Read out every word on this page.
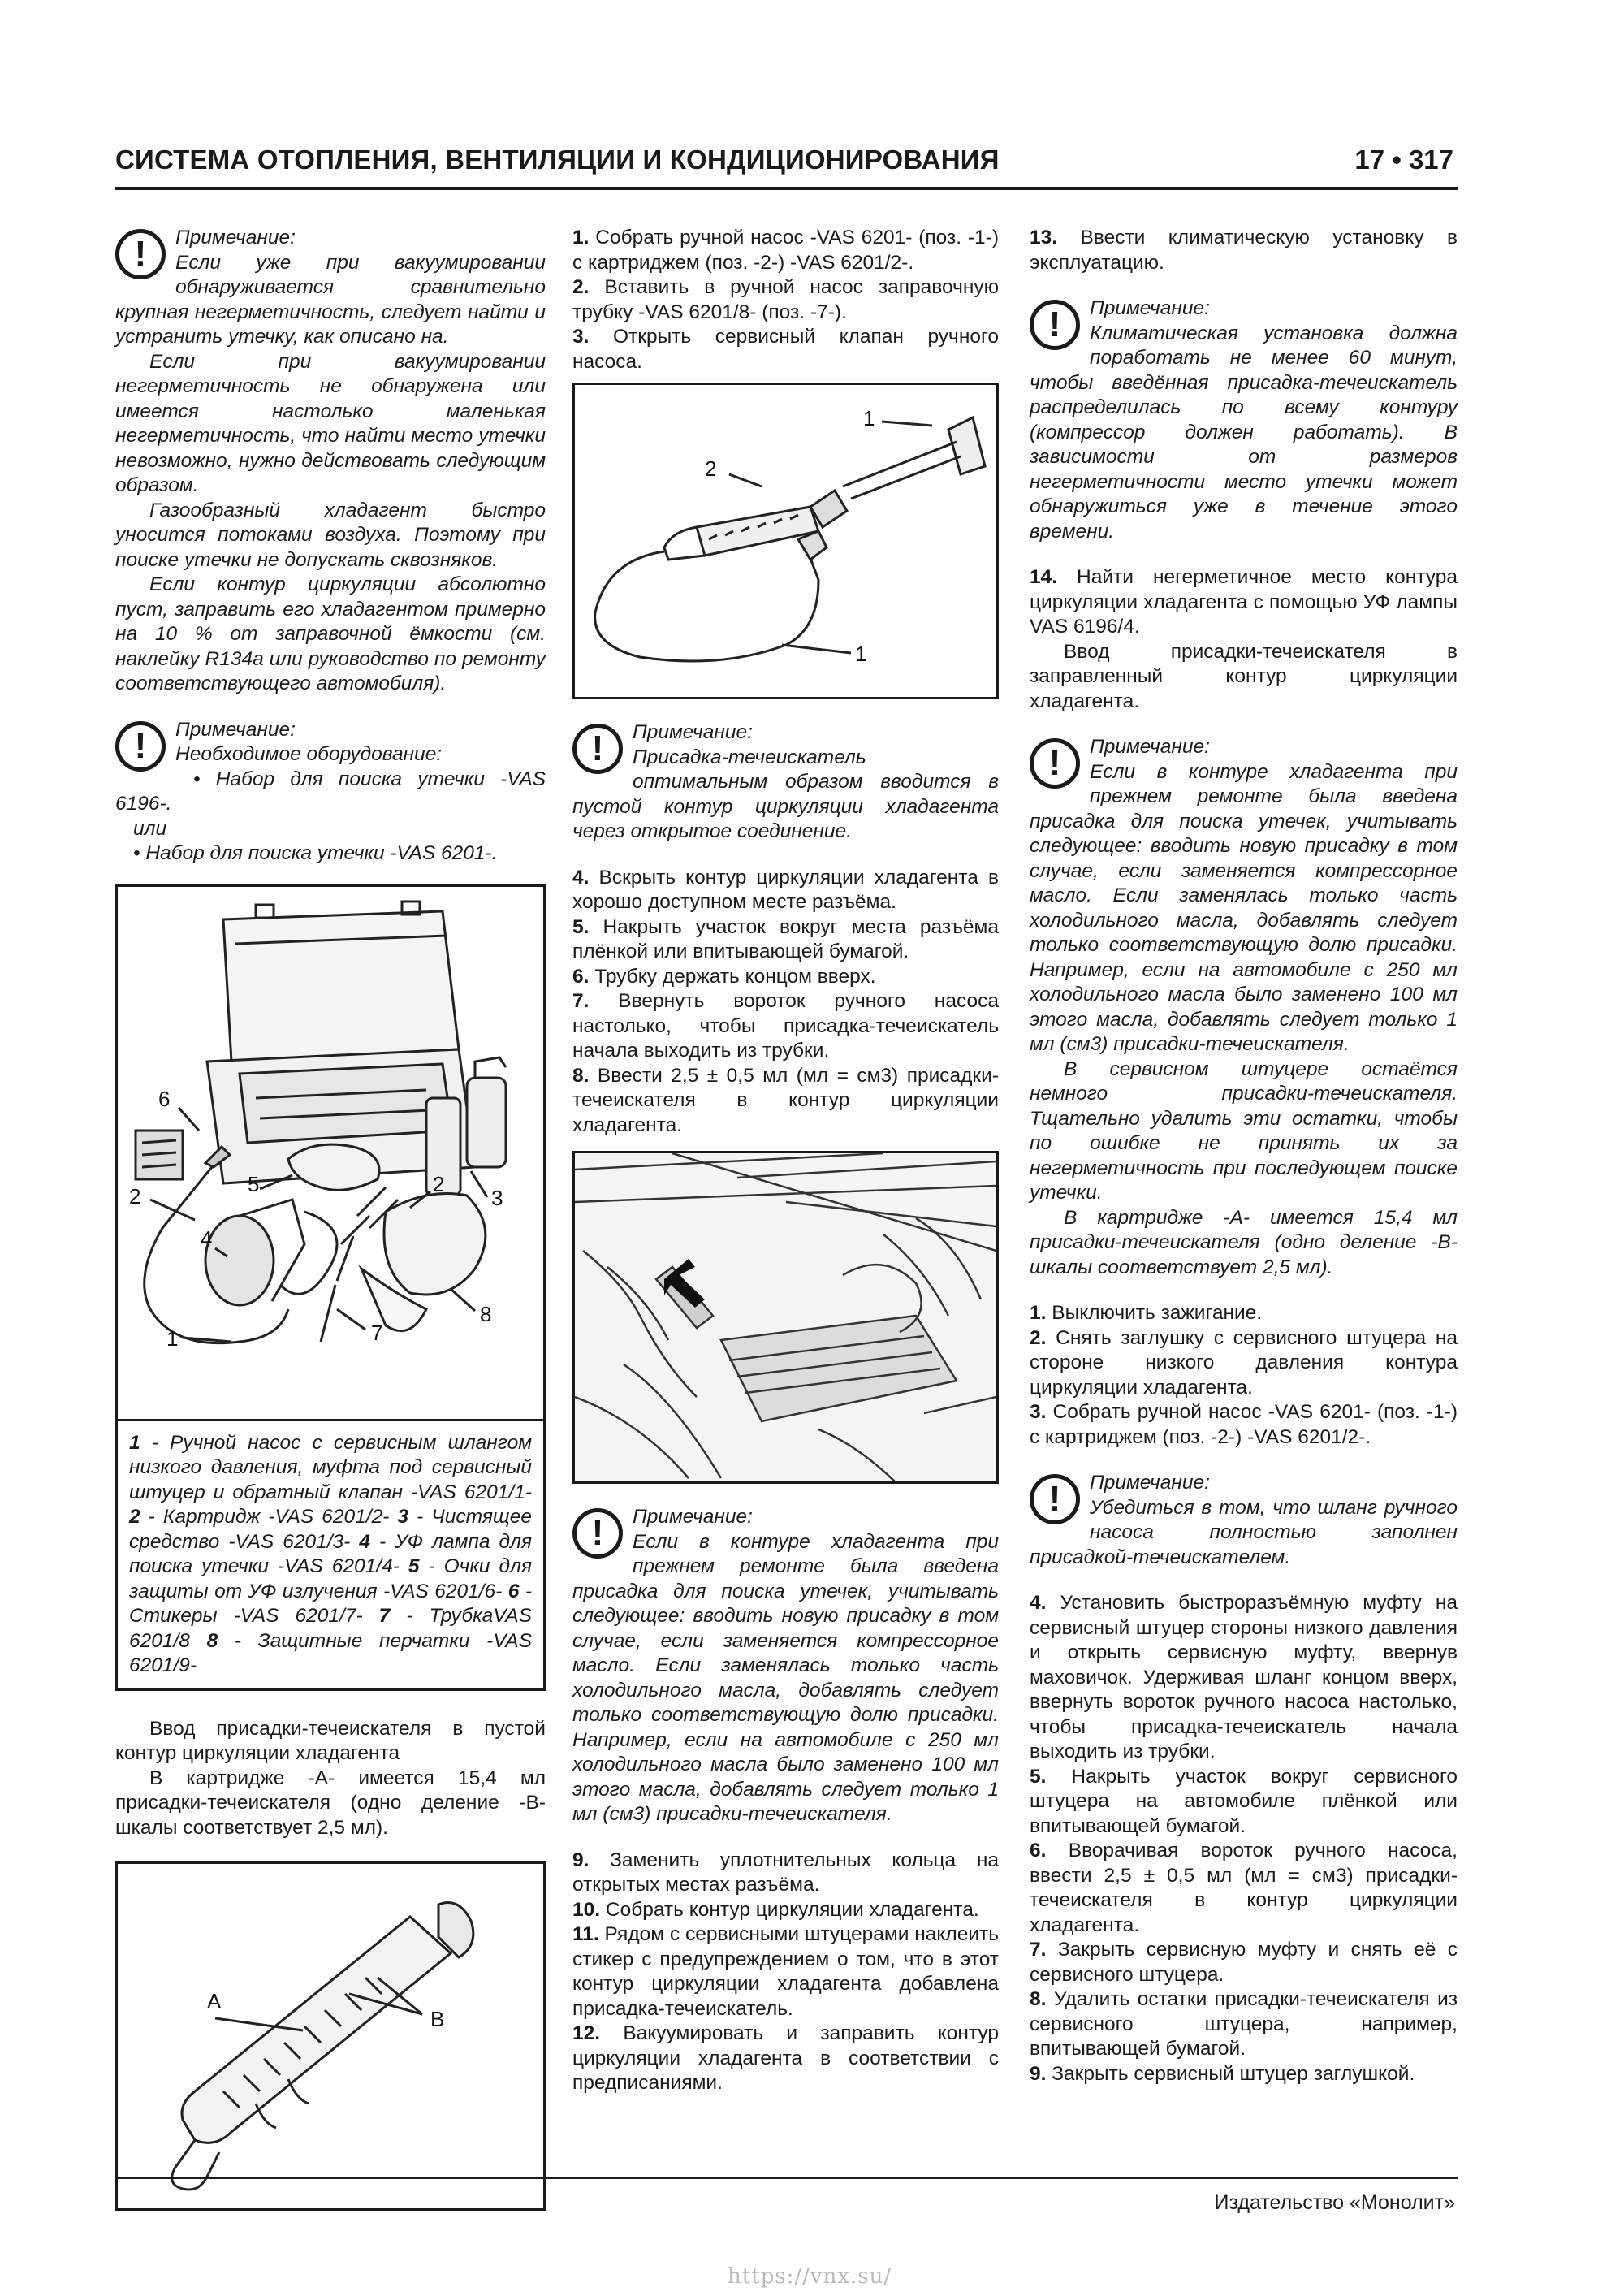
СИСТЕМА ОТОПЛЕНИЯ, ВЕНТИЛЯЦИИ И КОНДИЦИОНИРОВАНИЯ	17 • 317
!	Примечание:

Если уже при вакуумировании обнаруживается сравнительно крупная негерметичность, следует найти и устранить утечку, как описано на.

Если при вакуумировании негерметичность не обнаружена или имеется настолько маленькая негерметичность, что найти место утечки невозможно, нужно действовать следующим образом.

Газообразный хладагент быстро уносится потоками воздуха. Поэтому при поиске утечки не допускать сквозняков.

Если контур циркуляции абсолютно пуст, заправить его хладагентом примерно на 10 % от заправочной ёмкости (см. наклейку R134a или руководство по ремонту соответствующего автомобиля).

!	Примечание:

Необходимое оборудование:

• Набор для поиска утечки -VAS 6196-.

или

• Набор для поиска утечки -VAS 6201-.

6
2	3
4
5	2
8
7
1
1 - Ручной насос с сервисным шлангом низкого давления, муфта под сервисный штуцер и обратный клапан -VAS 6201/1- 2 - Картридж -VAS 6201/2- 3 - Чистящее средство -VAS 6201/3- 4 - УФ лампа для поиска утечки -VAS 6201/4- 5 - Очки для защиты от УФ излучения -VAS 6201/6- 6 - Стикеры -VAS 6201/7- 7 - ТрубкаVAS 6201/8 8 - Защитные перчатки -VAS 6201/9-

Ввод присадки-течеискателя в пустой контур циркуляции хладагента

В картридже -A- имеется 15,4 мл присадки-течеискателя (одно деление -B- шкалы соответствует 2,5 мл).

A
B

1. Собрать ручной насос -VAS 6201- (поз. -1-) с картриджем (поз. -2-) -VAS 6201/2-.

2. Вставить в ручной насос заправочную трубку -VAS 6201/8- (поз. -7-).

3. Открыть сервисный клапан ручного насоса.

1
2
1
!	Примечание:

Присадка-течеискатель оптимальным образом вводится в пустой контур циркуляции хладагента через открытое соединение.

4. Вскрыть контур циркуляции хладагента в хорошо доступном месте разъёма.

5. Накрыть участок вокруг места разъёма плёнкой или впитывающей бумагой.

6. Трубку держать концом вверх.

7. Ввернуть вороток ручного насоса настолько, чтобы присадка-течеискатель начала выходить из трубки.

8. Ввести 2,5 ± 0,5 мл (мл = см3) присадки-течеискателя в контур циркуляции хладагента.

!	Примечание:

Если в контуре хладагента при прежнем ремонте была введена присадка для поиска утечек, учитывать следующее: вводить новую присадку в том случае, если заменяется компрессорное масло. Если заменялась только часть холодильного масла, добавлять следует только соответствующую долю присадки. Например, если на автомобиле с 250 мл холодильного масла было заменено 100 мл этого масла, добавлять следует только 1 мл (см3) присадки-течеискателя.

9. Заменить уплотнительных кольца на открытых местах разъёма.

10. Собрать контур циркуляции хладагента.

11. Рядом с сервисными штуцерами наклеить стикер с предупреждением о том, что в этот контур циркуляции хладагента добавлена присадка-течеискатель.

12. Вакуумировать и заправить контур циркуляции хладагента в соответствии с предписаниями.

13. Ввести климатическую установку в эксплуатацию.

!	Примечание:

Климатическая установка должна поработать не менее 60 минут, чтобы введённая присадка-течеискатель распределилась по всему контуру (компрессор должен работать). В зависимости от размеров негерметичности место утечки может обнаружиться уже в течение этого времени.

14. Найти негерметичное место контура циркуляции хладагента с помощью УФ лампы VAS 6196/4.

Ввод присадки-течеискателя в заправленный контур циркуляции хладагента.

!	Примечание:

Если в контуре хладагента при прежнем ремонте была введена присадка для поиска утечек, учитывать следующее: вводить новую присадку в том случае, если заменяется компрессорное масло. Если заменялась только часть холодильного масла, добавлять следует только соответствующую долю присадки. Например, если на автомобиле с 250 мл холодильного масла было заменено 100 мл этого масла, добавлять следует только 1 мл (см3) присадки-течеискателя.

В сервисном штуцере остаётся немного присадки-течеискателя. Тщательно удалить эти остатки, чтобы по ошибке не принять их за негерметичность при последующем поиске утечки.

В картридже -A- имеется 15,4 мл присадки-течеискателя (одно деление -B- шкалы соответствует 2,5 мл).

1. Выключить зажигание.

2. Снять заглушку с сервисного штуцера на стороне низкого давления контура циркуляции хладагента.

3. Собрать ручной насос -VAS 6201- (поз. -1-) с картриджем (поз. -2-) -VAS 6201/2-.

!	Примечание:

Убедиться в том, что шланг ручного насоса полностью заполнен присадкой-течеискателем.

4. Установить быстроразъёмную муфту на сервисный штуцер стороны низкого давления и открыть сервисную муфту, ввернув маховичок. Удерживая шланг концом вверх, ввернуть вороток ручного насоса настолько, чтобы присадка-течеискатель начала выходить из трубки.

5. Накрыть участок вокруг сервисного штуцера на автомобиле плёнкой или впитывающей бумагой.

6. Вворачивая вороток ручного насоса, ввести 2,5 ± 0,5 мл (мл = см3) присадки-течеискателя в контур циркуляции хладагента.

7. Закрыть сервисную муфту и снять её с сервисного штуцера.

8. Удалить остатки присадки-течеискателя из сервисного штуцера, например, впитывающей бумагой.

9. Закрыть сервисный штуцер заглушкой.

Издательство «Монолит»
https://vnx.su/
